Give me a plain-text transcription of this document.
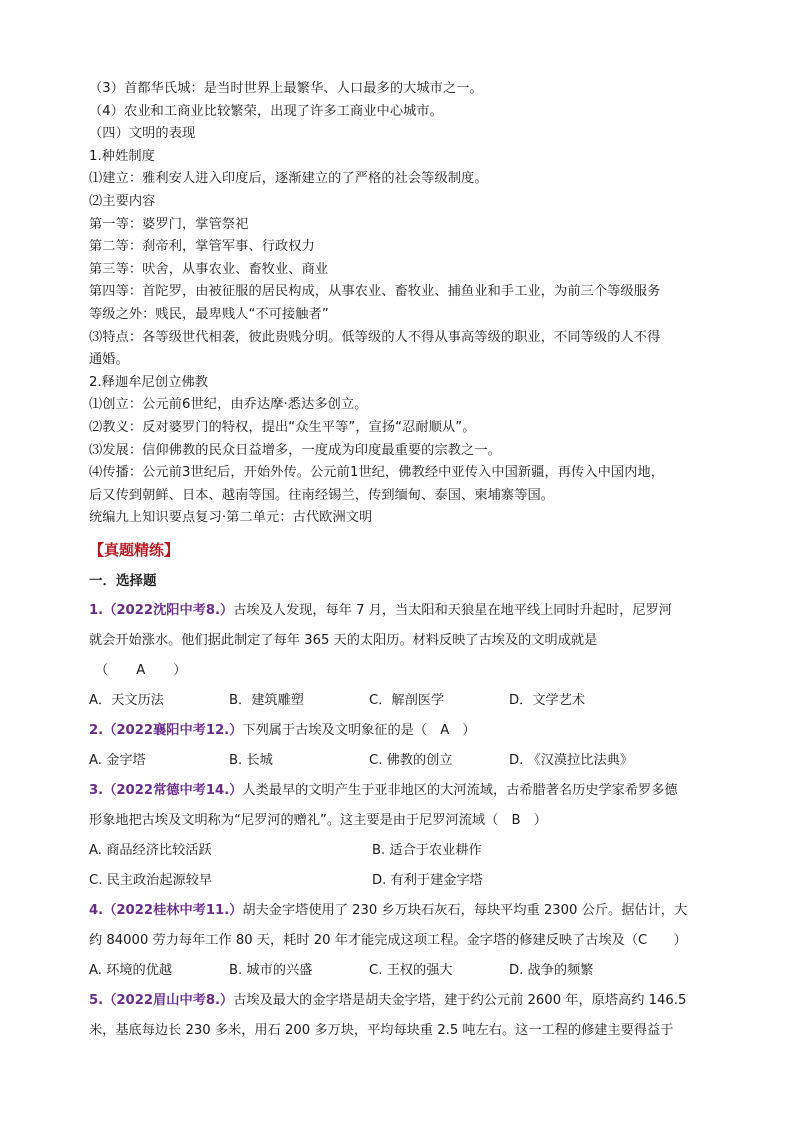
（3）首都华氏城：是当时世界上最繁华、人口最多的大城市之一。
（4）农业和工商业比较繁荣，出现了许多工商业中心城市。
（四）文明的表现
1.种姓制度
⑴建立：雅利安人进入印度后，逐渐建立的了严格的社会等级制度。
⑵主要内容
第一等：婆罗门，掌管祭祀
第二等：刹帝利，掌管军事、行政权力
第三等：吠舍，从事农业、畜牧业、商业
第四等：首陀罗，由被征服的居民构成，从事农业、畜牧业、捕鱼业和手工业，为前三个等级服务
等级之外：贱民，最卑贱人“不可接触者”
⑶特点：各等级世代相袭，彼此贵贱分明。低等级的人不得从事高等级的职业，不同等级的人不得
通婚。
2.释迦牟尼创立佛教
⑴创立：公元前6世纪，由乔达摩·悉达多创立。
⑵教义：反对婆罗门的特权，提出“众生平等”，宣扬“忍耐顺从”。
⑶发展：信仰佛教的民众日益增多，一度成为印度最重要的宗教之一。
⑷传播：公元前3世纪后，开始外传。公元前1世纪，佛教经中亚传入中国新疆，再传入中国内地，
后又传到朝鲜、日本、越南等国。往南经锡兰，传到缅甸、泰国、柬埔寨等国。
统编九上知识要点复习·第二单元：古代欧洲文明
【真题精练】
一．选择题
1.（2022沈阳中考8.）古埃及人发现，每年 7 月，当太阳和天狼星在地平线上同时升起时，尼罗河
就会开始涨水。他们据此制定了每年 365 天的太阳历。材料反映了古埃及的文明成就是
（ A ）
A．天文历法	B．建筑雕塑	C．解剖医学	D．文学艺术
2.（2022襄阳中考12.）下列属于古埃及文明象征的是（　A　）
A. 金字塔	B. 长城	C. 佛教的创立	D. 《汉漠拉比法典》
3.（2022常德中考14.）人类最早的文明产生于亚非地区的大河流域，古希腊著名历史学家希罗多德
形象地把古埃及文明称为“尼罗河的赠礼”。这主要是由于尼罗河流域（　B　）
A. 商品经济比较活跃	B. 适合于农业耕作
C. 民主政治起源较早	D. 有利于建金字塔
4.（2022桂林中考11.）胡夫金字塔使用了 230 乡万块石灰石，每块平均重 2300 公斤。据估计，大
约 84000 劳力每年工作 80 天，耗时 20 年才能完成这项工程。金字塔的修建反映了古埃及（C　　）
A. 环境的优越	B. 城市的兴盛	C. 王权的强大	D. 战争的频繁
5.（2022眉山中考8.）古埃及最大的金字塔是胡夫金字塔，建于约公元前 2600 年，原塔高约 146.5
米，基底每边长 230 多米，用石 200 多万块，平均每块重 2.5 吨左右。这一工程的修建主要得益于
